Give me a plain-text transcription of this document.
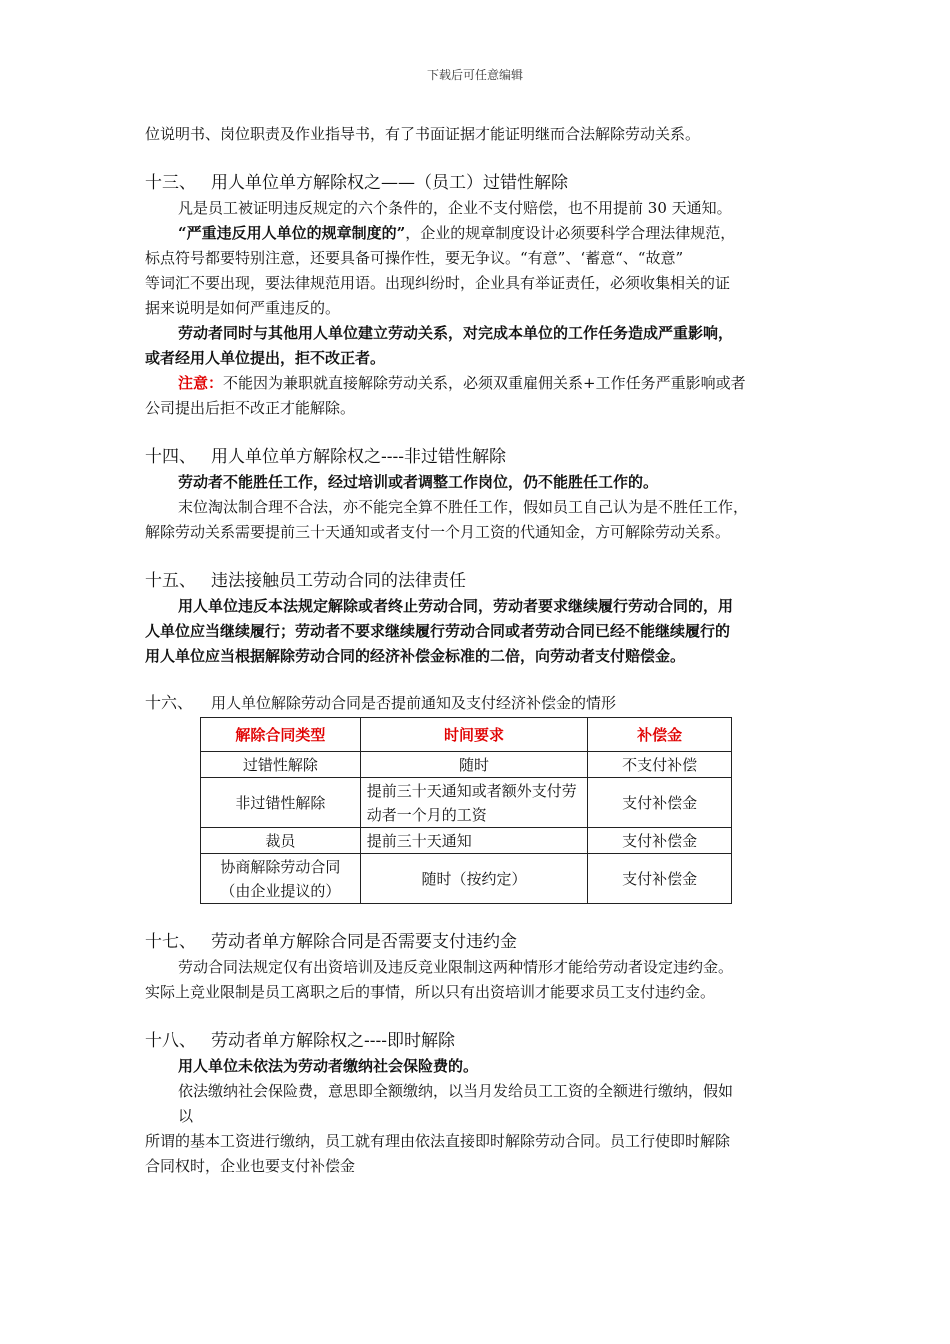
下载后可任意编辑

位说明书、岗位职责及作业指导书，有了书面证据才能证明继而合法解除劳动关系。

十三、 用人单位单方解除权之——（员工）过错性解除

凡是员工被证明违反规定的六个条件的，企业不支付赔偿，也不用提前 30 天通知。

“严重违反用人单位的规章制度的”，企业的规章制度设计必须要科学合理法律规范，

标点符号都要特别注意，还要具备可操作性，要无争议。“有意”、‘蓄意“、“故意”

等词汇不要出现，要法律规范用语。出现纠纷时，企业具有举证责任，必须收集相关的证

据来说明是如何严重违反的。

劳动者同时与其他用人单位建立劳动关系，对完成本单位的工作任务造成严重影响，

或者经用人单位提出，拒不改正者。

注意：不能因为兼职就直接解除劳动关系，必须双重雇佣关系+工作任务严重影响或者

公司提出后拒不改正才能解除。

十四、 用人单位单方解除权之----非过错性解除

劳动者不能胜任工作，经过培训或者调整工作岗位，仍不能胜任工作的。

末位淘汰制合理不合法，亦不能完全算不胜任工作，假如员工自己认为是不胜任工作，

解除劳动关系需要提前三十天通知或者支付一个月工资的代通知金，方可解除劳动关系。

十五、 违法接触员工劳动合同的法律责任

用人单位违反本法规定解除或者终止劳动合同，劳动者要求继续履行劳动合同的，用

人单位应当继续履行；劳动者不要求继续履行劳动合同或者劳动合同已经不能继续履行的

用人单位应当根据解除劳动合同的经济补偿金标准的二倍，向劳动者支付赔偿金。

十六、 用人单位解除劳动合同是否提前通知及支付经济补偿金的情形

解除合同类型	时间要求	补偿金
过错性解除	随时	不支付补偿
非过错性解除	提前三十天通知或者额外支付劳动者一个月的工资	支付补偿金
裁员	提前三十天通知	支付补偿金
协商解除劳动合同（由企业提议的）	随时（按约定）	支付补偿金

十七、 劳动者单方解除合同是否需要支付违约金

劳动合同法规定仅有出资培训及违反竞业限制这两种情形才能给劳动者设定违约金。

实际上竞业限制是员工离职之后的事情，所以只有出资培训才能要求员工支付违约金。

十八、 劳动者单方解除权之----即时解除

用人单位未依法为劳动者缴纳社会保险费的。

依法缴纳社会保险费，意思即全额缴纳，以当月发给员工工资的全额进行缴纳，假如

以

所谓的基本工资进行缴纳，员工就有理由依法直接即时解除劳动合同。员工行使即时解除

合同权时，企业也要支付补偿金
